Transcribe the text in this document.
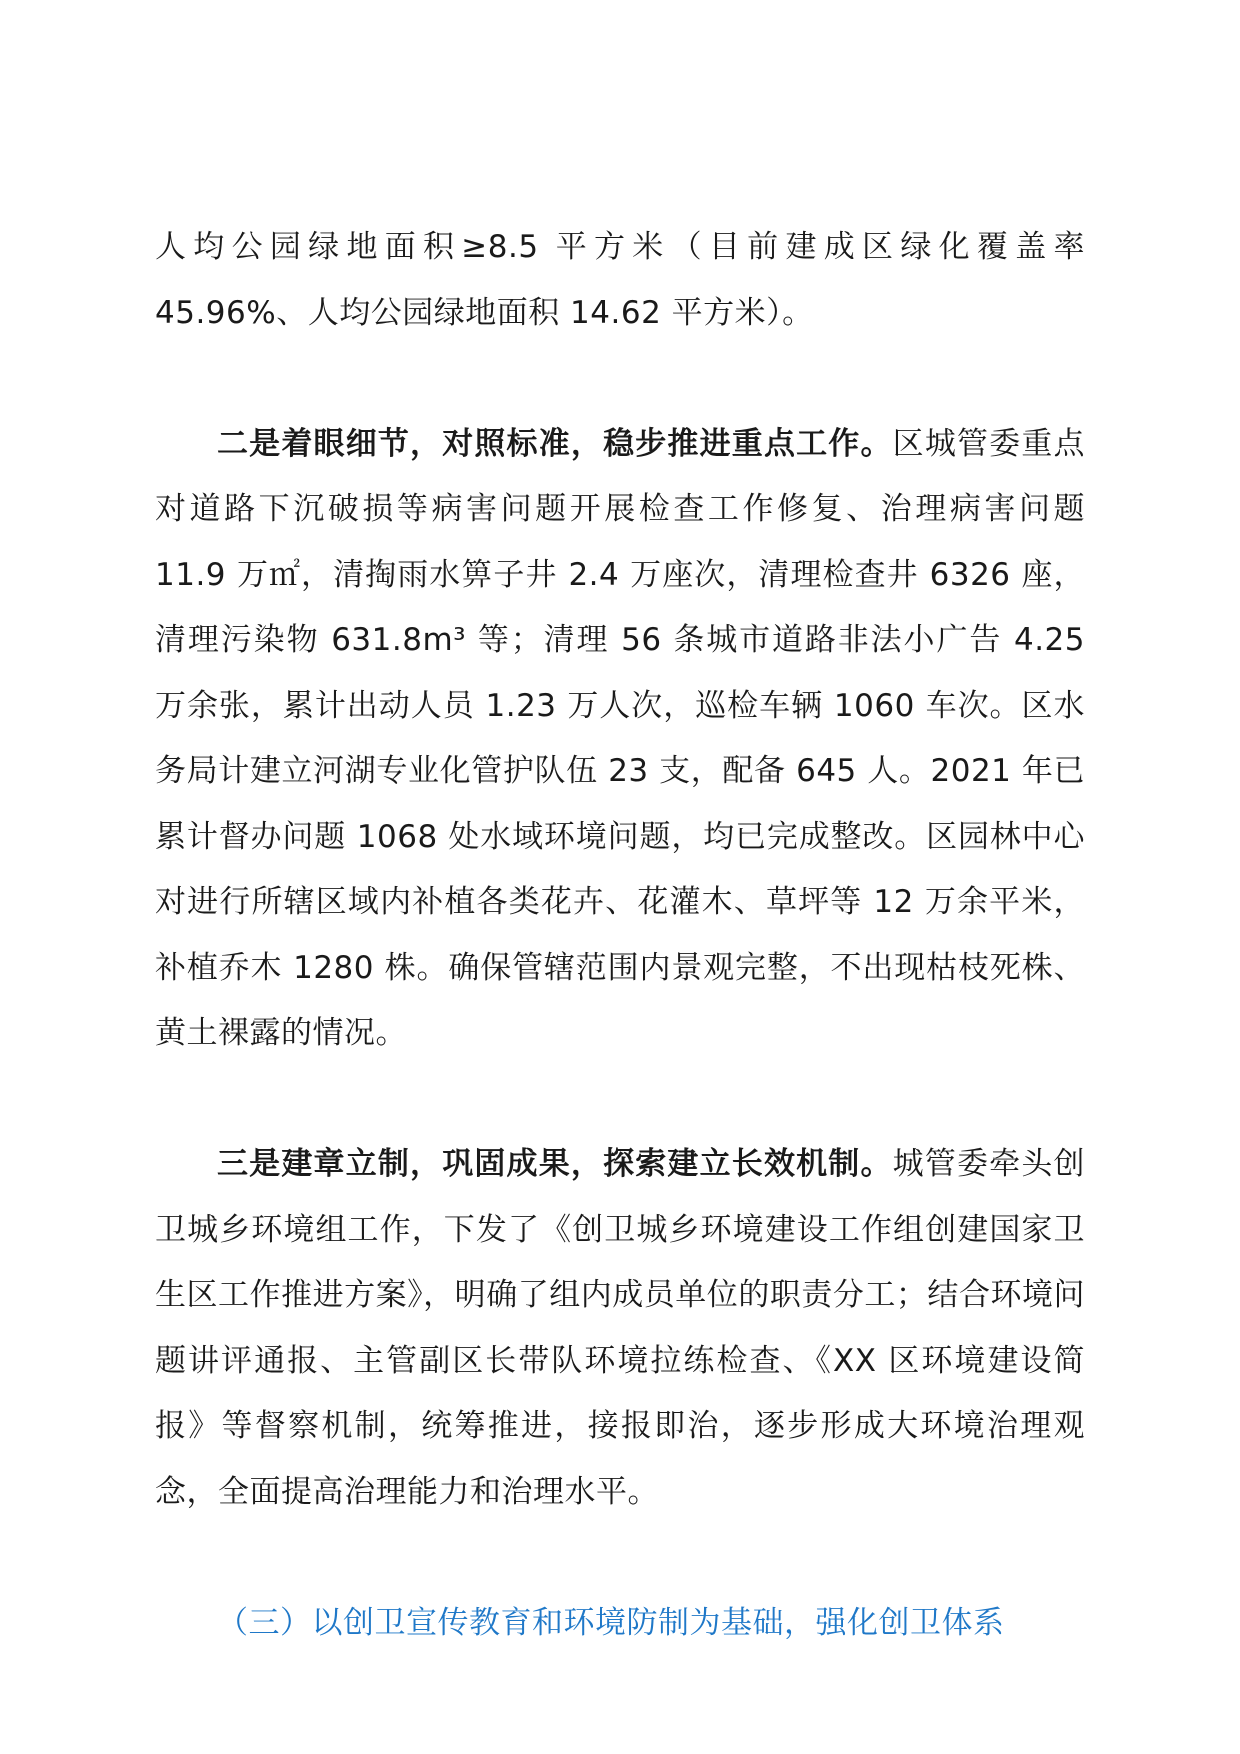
人均公园绿地面积≥8.5 平方米（目前建成区绿化覆盖率 45.96%、人均公园绿地面积 14.62 平方米）。

二是着眼细节，对照标准，稳步推进重点工作。区城管委重点对道路下沉破损等病害问题开展检查工作修复、治理病害问题 11.9 万㎡，清掏雨水箅子井 2.4 万座次，清理检查井 6326 座，清理污染物 631.8m³ 等；清理 56 条城市道路非法小广告 4.25 万余张，累计出动人员 1.23 万人次，巡检车辆 1060 车次。区水务局计建立河湖专业化管护队伍 23 支，配备 645 人。2021 年已累计督办问题 1068 处水域环境问题，均已完成整改。区园林中心对进行所辖区域内补植各类花卉、花灌木、草坪等 12 万余平米，补植乔木 1280 株。确保管辖范围内景观完整，不出现枯枝死株、黄土裸露的情况。

三是建章立制，巩固成果，探索建立长效机制。城管委牵头创卫城乡环境组工作，下发了《创卫城乡环境建设工作组创建国家卫生区工作推进方案》，明确了组内成员单位的职责分工；结合环境问题讲评通报、主管副区长带队环境拉练检查、《XX 区环境建设简报》等督察机制，统筹推进，接报即治，逐步形成大环境治理观念，全面提高治理能力和治理水平。

（三）以创卫宣传教育和环境防制为基础，强化创卫体系
